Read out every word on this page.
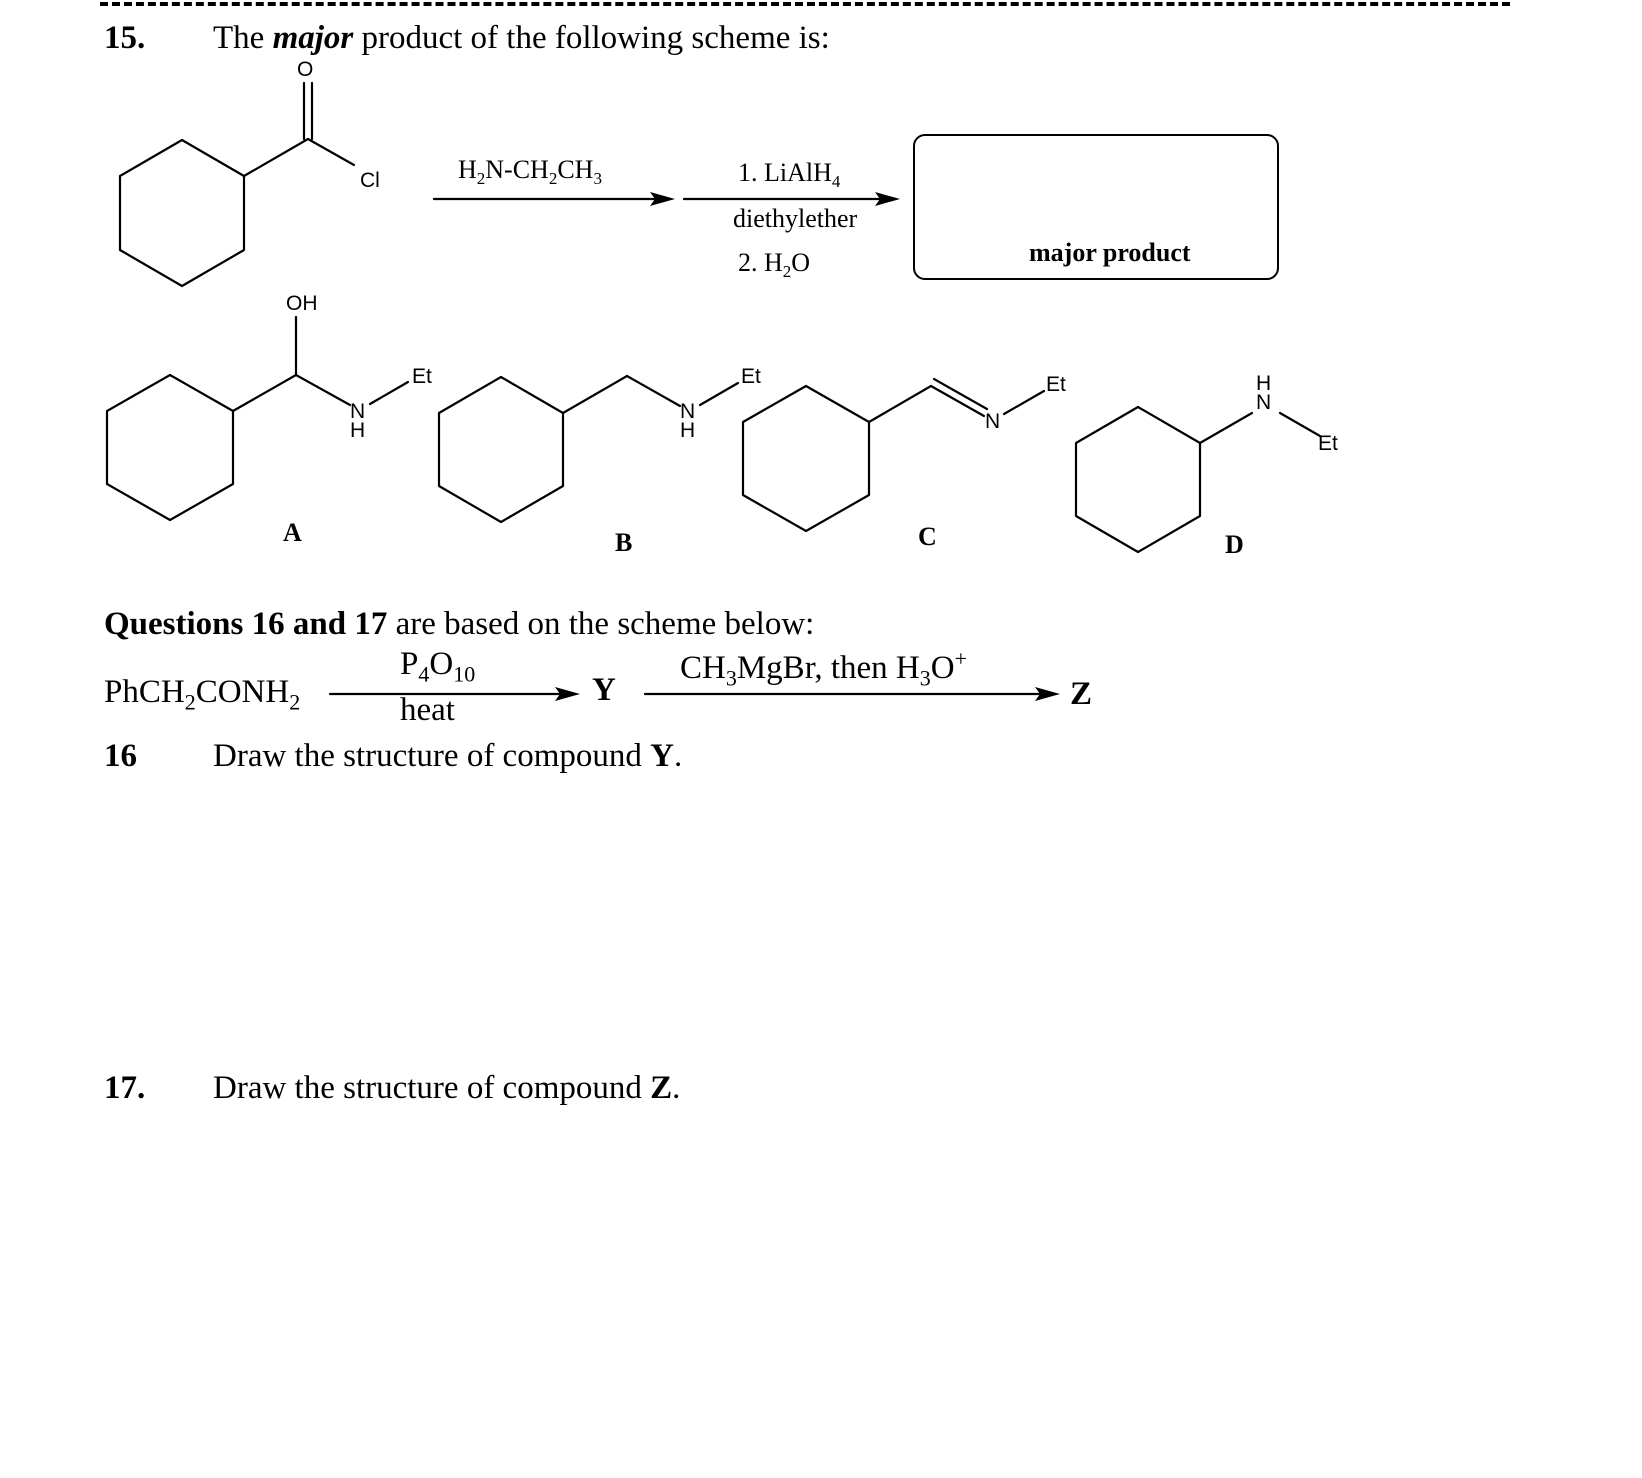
15. The major product of the following scheme is:
O
Cl	$H_2N-CH_2CH_3$	1. LiAlH$_4$
diethylether
2. $H_2O$	major product
OH
N
H
Et
A
N
H
Et
B
N
Et
C
H
N
Et
D
Questions 16 and 17 are based on the scheme below:
$PhCH_2CONH_2$
$P_4O_{10}$
heat
Y
$CH_3MgBr$, then $H_3O^+$
Z
16 Draw the structure of compound Y.
17. Draw the structure of compound Z.
